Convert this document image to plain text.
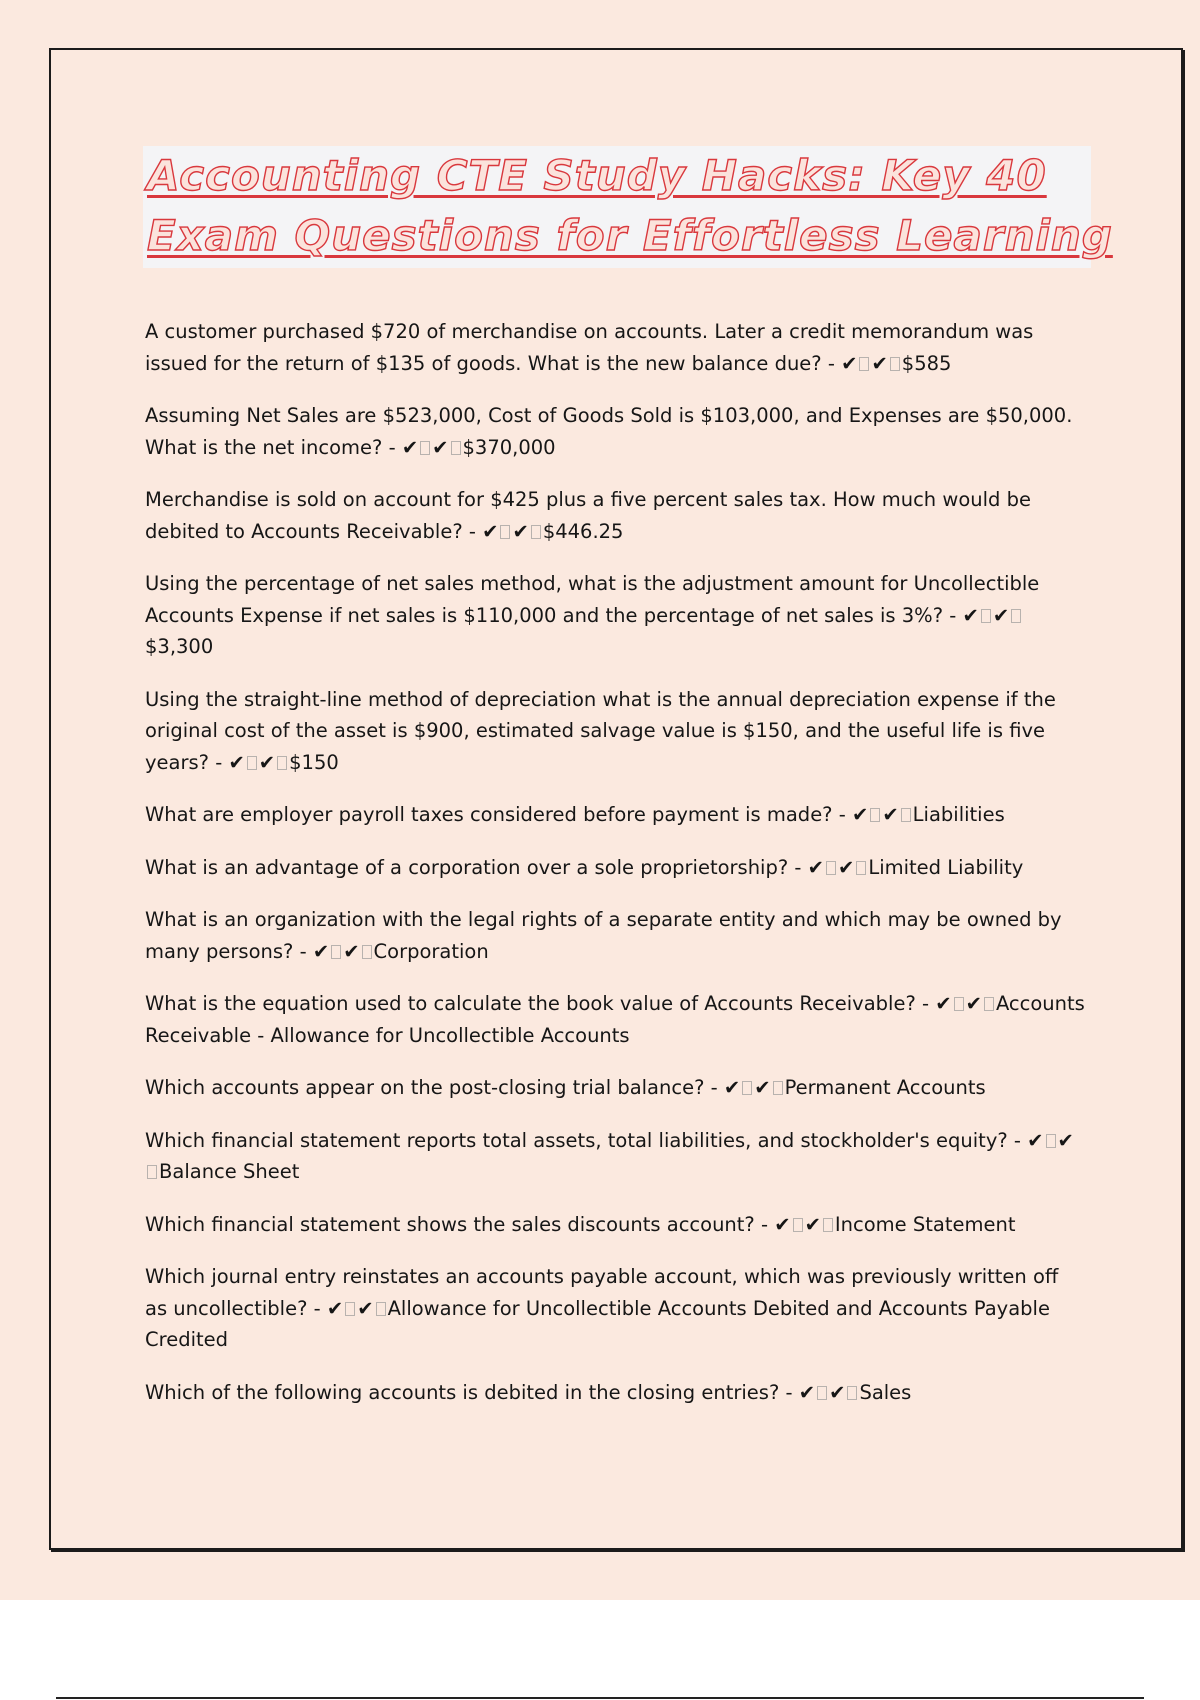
Accounting CTE Study Hacks: Key 40
Exam Questions for Effortless Learning
A customer purchased $720 of merchandise on accounts. Later a credit memorandum was issued for the return of $135 of goods. What is the new balance due? - ✔ ✔ $585
Assuming Net Sales are $523,000, Cost of Goods Sold is $103,000, and Expenses are $50,000. What is the net income? - ✔ ✔ $370,000
Merchandise is sold on account for $425 plus a five percent sales tax. How much would be debited to Accounts Receivable? - ✔ ✔ $446.25
Using the percentage of net sales method, what is the adjustment amount for Uncollectible Accounts Expense if net sales is $110,000 and the percentage of net sales is 3%? - ✔ ✔$3,300
Using the straight-line method of depreciation what is the annual depreciation expense if the original cost of the asset is $900, estimated salvage value is $150, and the useful life is five years? - ✔ ✔ $150
What are employer payroll taxes considered before payment is made? - ✔ ✔ Liabilities
What is an advantage of a corporation over a sole proprietorship? - ✔ ✔ Limited Liability
What is an organization with the legal rights of a separate entity and which may be owned by many persons? - ✔ ✔ Corporation
What is the equation used to calculate the book value of Accounts Receivable? - ✔ ✔ Accounts Receivable - Allowance for Uncollectible Accounts
Which accounts appear on the post-closing trial balance? - ✔ ✔ Permanent Accounts
Which financial statement reports total assets, total liabilities, and stockholder's equity? - ✔ ✔Balance Sheet
Which financial statement shows the sales discounts account? - ✔ ✔ Income Statement
Which journal entry reinstates an accounts payable account, which was previously written off as uncollectible? - ✔ ✔ Allowance for Uncollectible Accounts Debited and Accounts Payable Credited
Which of the following accounts is debited in the closing entries? - ✔ ✔ Sales
